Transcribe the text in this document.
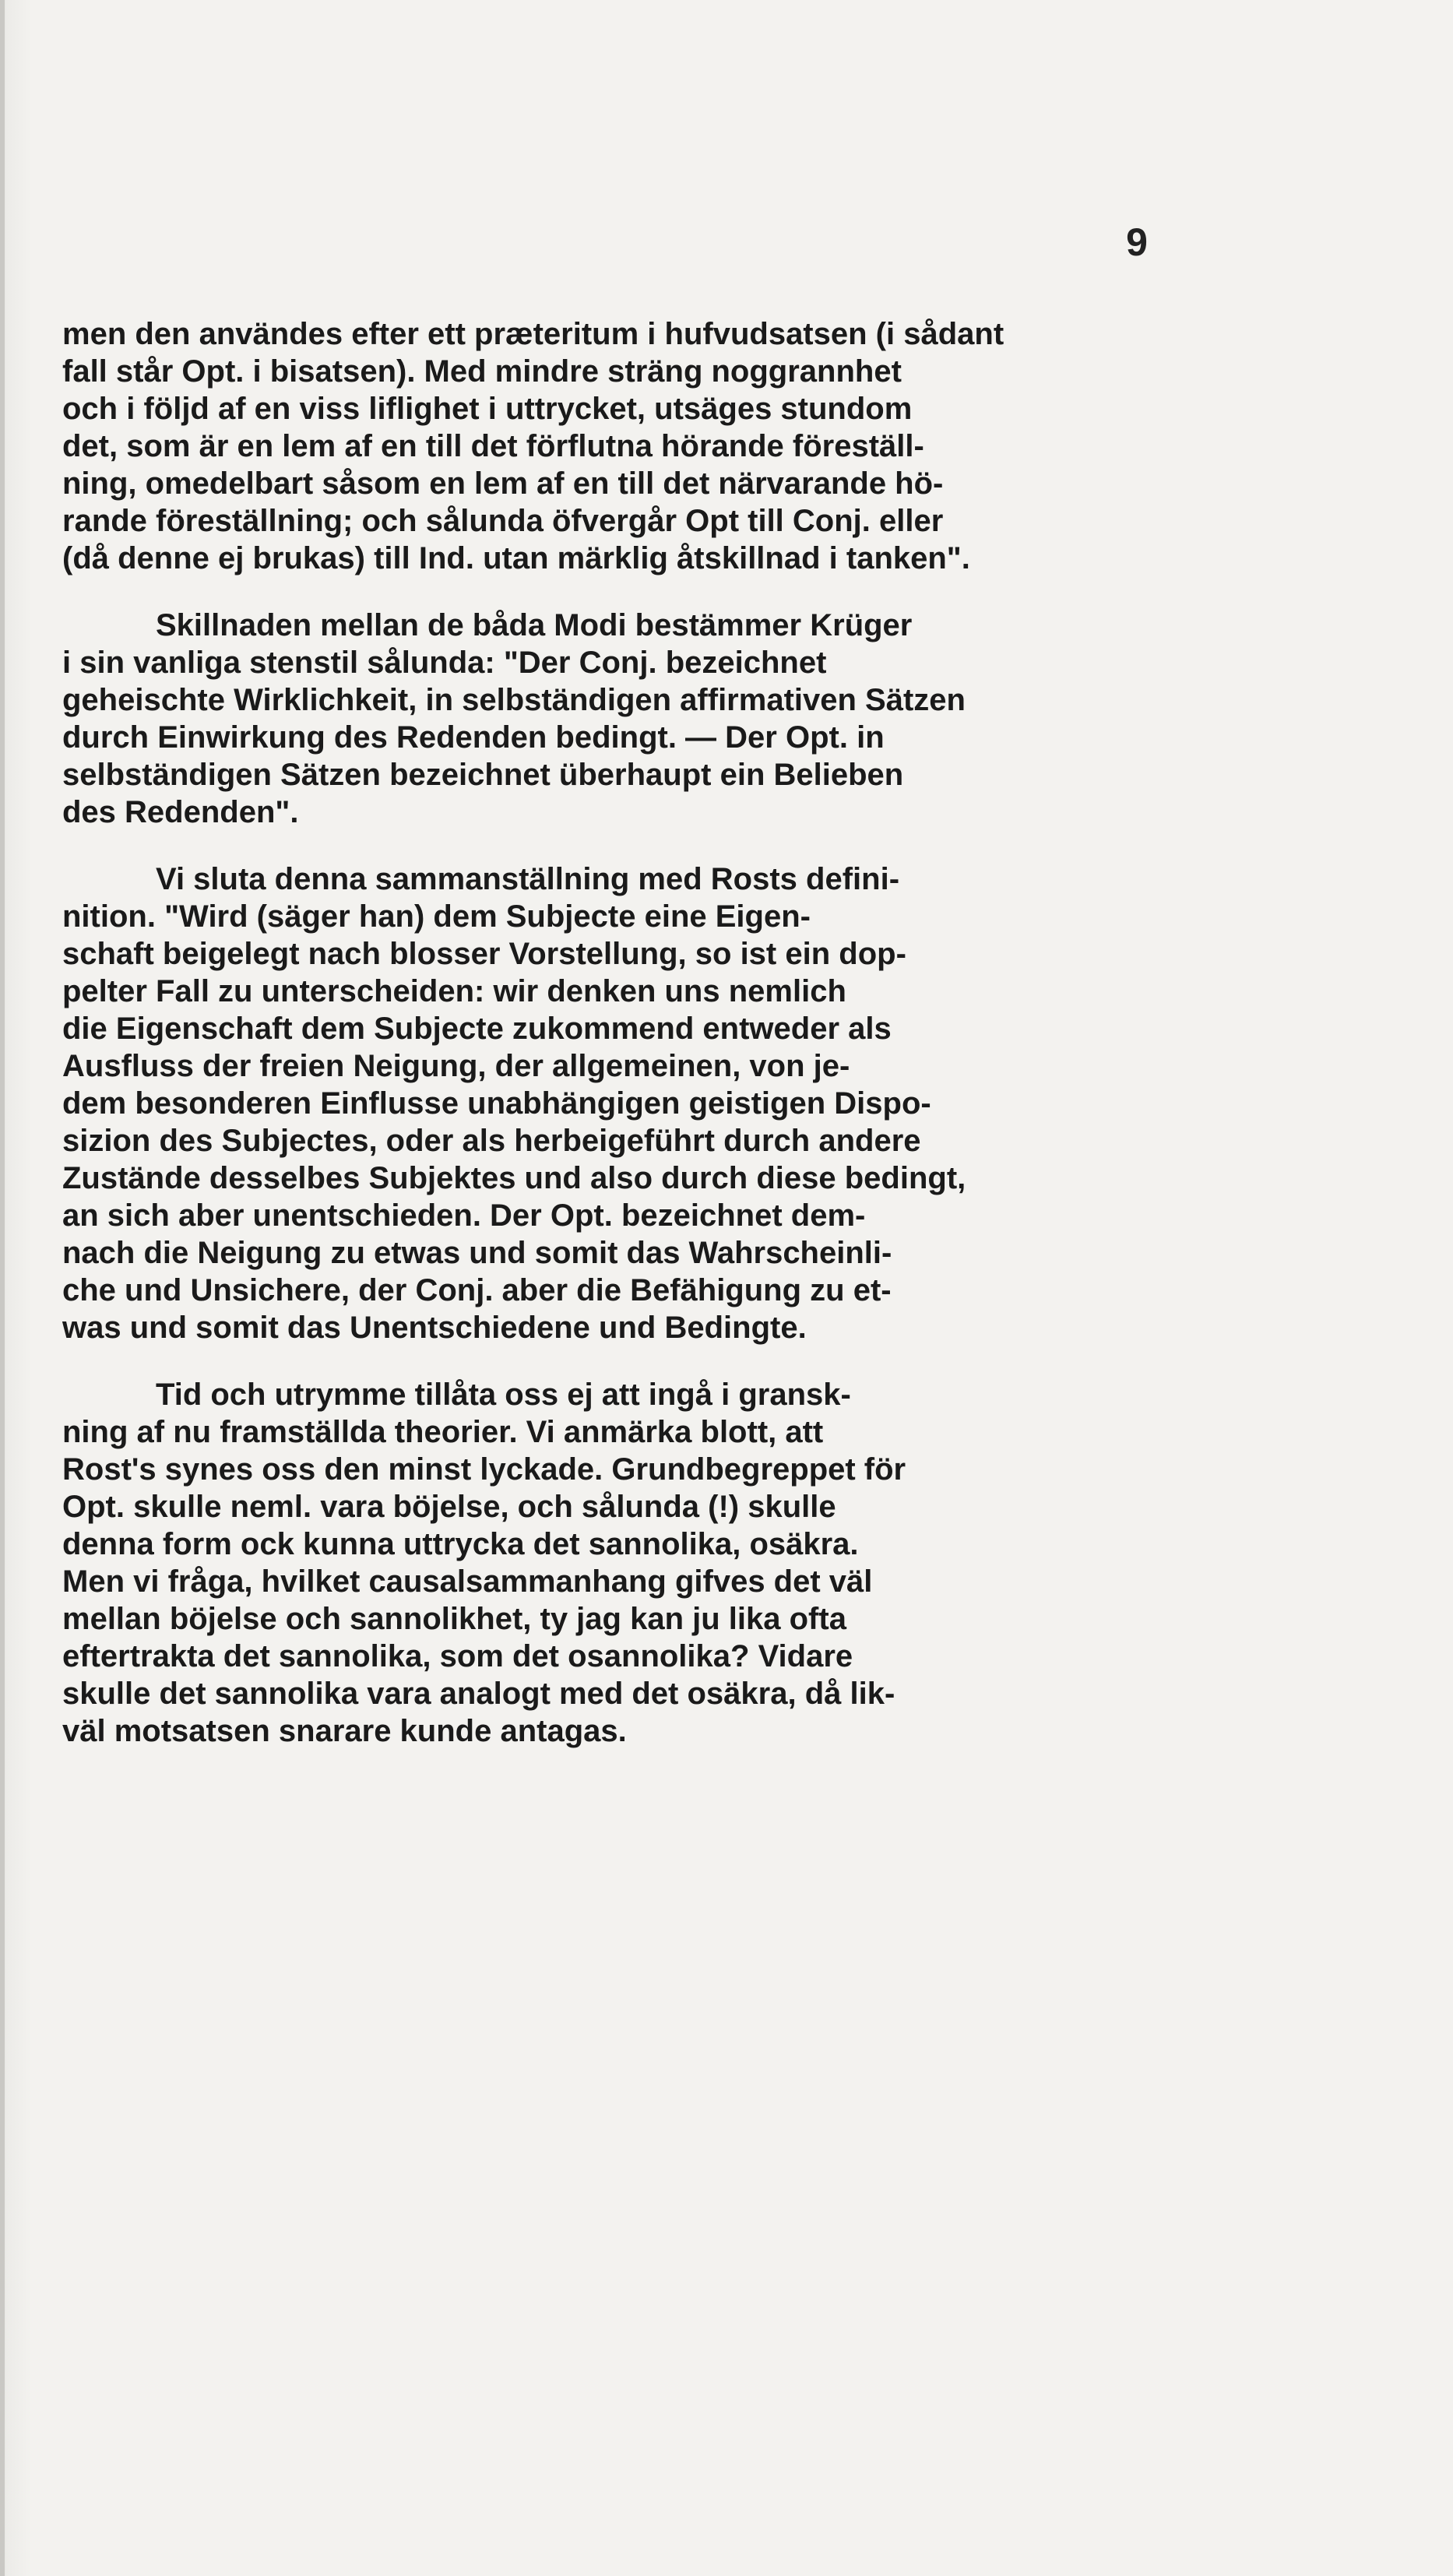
9
men den användes efter ett præteritum i hufvudsatsen (i sådant
fall står Opt. i bisatsen). Med mindre sträng noggrannhet
och i följd af en viss liflighet i uttrycket, utsäges stundom
det, som är en lem af en till det förflutna hörande föreställ-
ning, omedelbart såsom en lem af en till det närvarande hö-
rande föreställning; och sålunda öfvergår Opt till Conj. eller
(då denne ej brukas) till Ind. utan märklig åtskillnad i tanken".
Skillnaden mellan de båda Modi bestämmer Krüger
i sin vanliga stenstil sålunda: "Der Conj. bezeichnet
geheischte Wirklichkeit, in selbständigen affirmativen Sätzen
durch Einwirkung des Redenden bedingt. — Der Opt. in
selbständigen Sätzen bezeichnet überhaupt ein Belieben
des Redenden".
Vi sluta denna sammanställning med Rosts defini-
nition. "Wird (säger han) dem Subjecte eine Eigen-
schaft beigelegt nach blosser Vorstellung, so ist ein dop-
pelter Fall zu unterscheiden: wir denken uns nemlich
die Eigenschaft dem Subjecte zukommend entweder als
Ausfluss der freien Neigung, der allgemeinen, von je-
dem besonderen Einflusse unabhängigen geistigen Dispo-
sizion des Subjectes, oder als herbeigeführt durch andere
Zustände desselbes Subjektes und also durch diese bedingt,
an sich aber unentschieden. Der Opt. bezeichnet dem-
nach die Neigung zu etwas und somit das Wahrscheinli-
che und Unsichere, der Conj. aber die Befähigung zu et-
was und somit das Unentschiedene und Bedingte.
Tid och utrymme tillåta oss ej att ingå i gransk-
ning af nu framställda theorier. Vi anmärka blott, att
Rost's synes oss den minst lyckade. Grundbegreppet för
Opt. skulle neml. vara böjelse, och sålunda (!) skulle
denna form ock kunna uttrycka det sannolika, osäkra.
Men vi fråga, hvilket causalsammanhang gifves det väl
mellan böjelse och sannolikhet, ty jag kan ju lika ofta
eftertrakta det sannolika, som det osannolika? Vidare
skulle det sannolika vara analogt med det osäkra, då lik-
väl motsatsen snarare kunde antagas.
